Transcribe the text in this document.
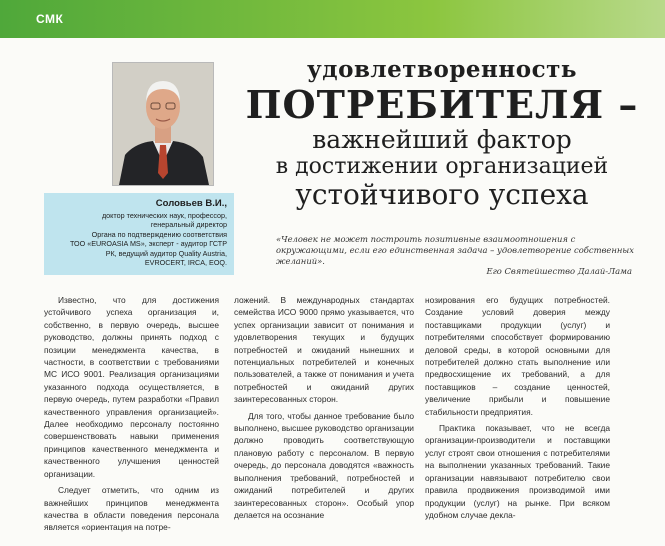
СМК
Соловьев В.И.,
доктор технических наук, профессор,
генеральный директор
Органа по подтверждению соответствия
ТОО «EUROASIA MS», эксперт - аудитор ГСТР
РК, ведущий аудитор Quality Austria,
EVROCERT, IRCA, EOQ.
удовлетворенность
ПОТРЕБИТЕЛЯ –
важнейший фактор
в достижении организацией
устойчивого успеха
«Человек не может построить позитивные взаимоотношения с окружающими, если его единственная задача – удовлетворение собственных желаний».
Его Святейшество Далай-Лама

Известно, что для достижения устойчивого успеха организация и, собственно, в первую очередь, высшее руководство, должны принять подход с позиции менеджмента качества, в частности, в соответствии с требованиями МС ИСО 9001. Реализация организациями указанного подхода осуществляется, в первую очередь, путем разработки «Правил качественного управления организацией». Далее необходимо персоналу постоянно совершенствовать навыки применения принципов качественного менеджмента и качественного улучшения ценностей организации.

Следует отметить, что одним из важнейших принципов менеджмента качества в области поведения персонала является «ориентация на потре-

ложений. В международных стандартах семейства ИСО 9000 прямо указывается, что успех организации зависит от понимания и удовлетворения текущих и будущих потребностей и ожиданий нынешних и потенциальных потребителей и конечных пользователей, а также от понимания и учета потребностей и ожиданий других заинтересованных сторон.

Для того, чтобы данное требование было выполнено, высшее руководство организации должно проводить соответствующую плановую работу с персоналом. В первую очередь, до персонала доводятся «важность выполнения требований, потребностей и ожиданий потребителей и других заинтересованных сторон». Особый упор делается на осознание

нозирования его будущих потребностей. Создание условий доверия между поставщиками продукции (услуг) и потребителями способствует формированию деловой среды, в которой основными для потребителей должно стать выполнение или предвосхищение их требований, а для поставщиков – создание ценностей, увеличение прибыли и повышение стабильности предприятия.

Практика показывает, что не всегда организации-производители и поставщики услуг строят свои отношения с потребителями на выполнении указанных требований. Такие организации навязывают потребителю свои правила продвижения производимой ими продукции (услуг) на рынке. При всяком удобном случае декла-
